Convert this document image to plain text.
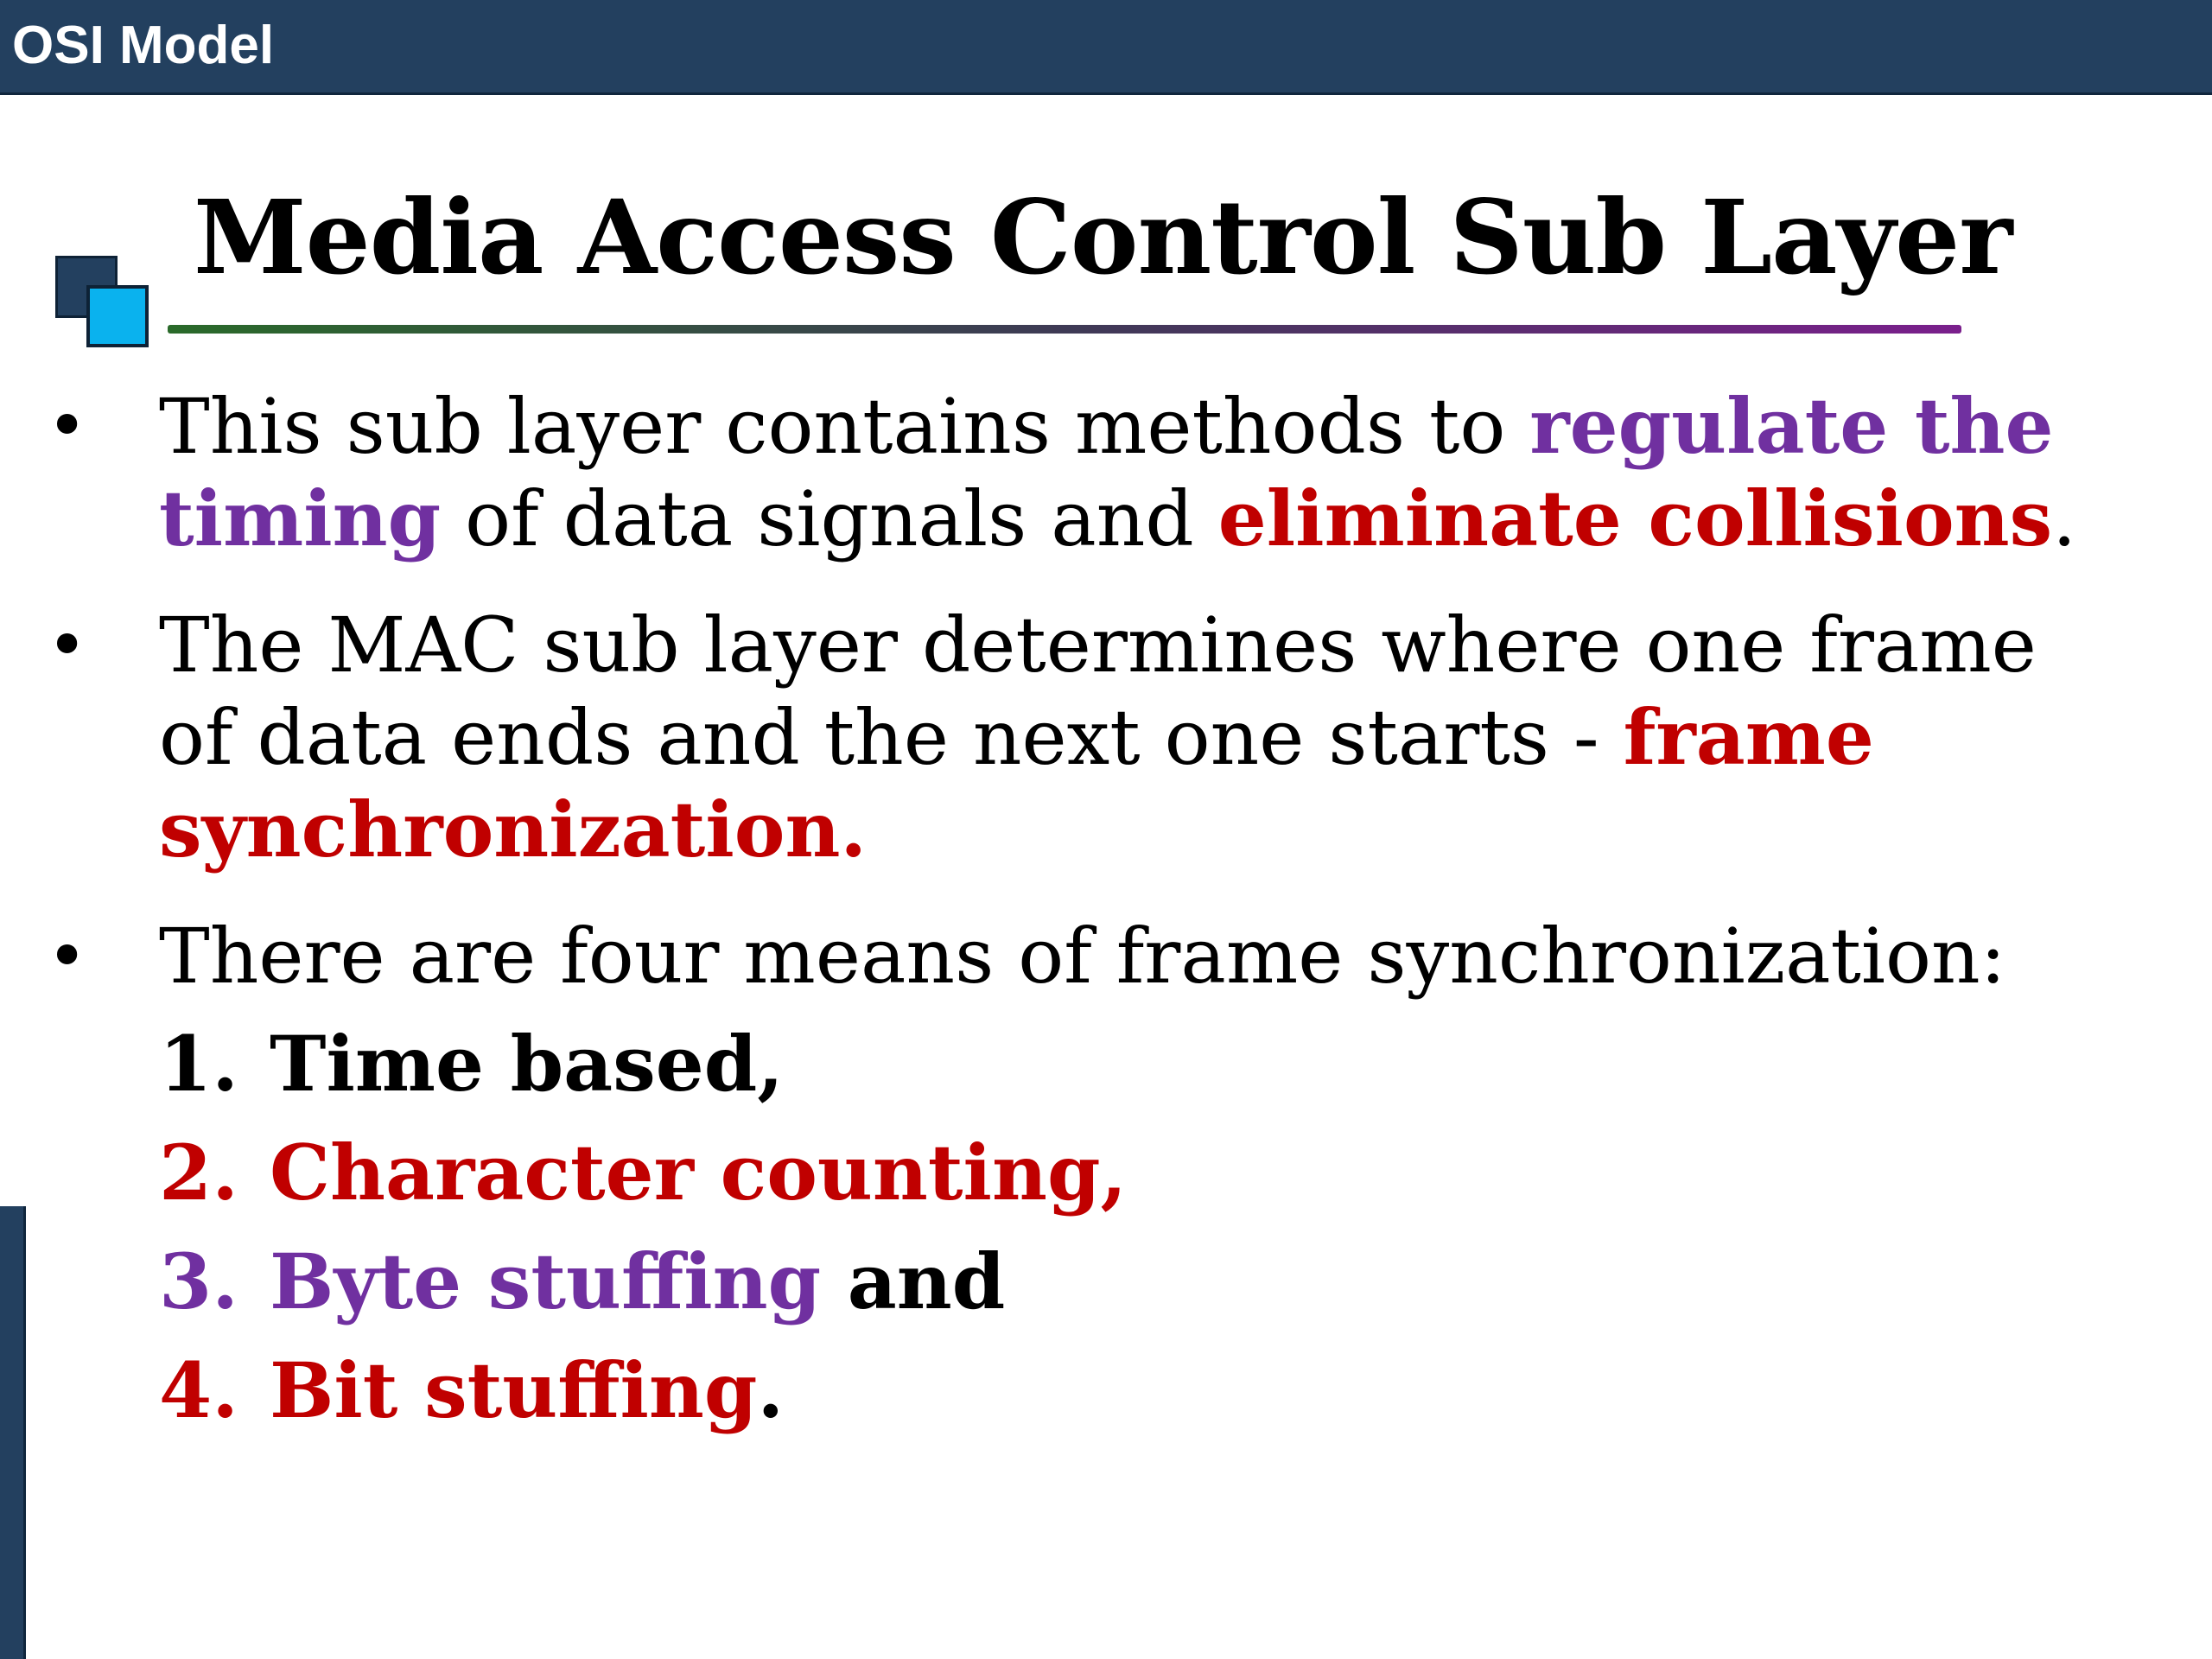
OSI Model
Media Access Control Sub Layer
• This sub layer contains methods to regulate the timing of data signals and eliminate collisions.
• The MAC sub layer determines where one frame of data ends and the next one starts - frame synchronization.
• There are four means of frame synchronization:
1. Time based,
2. Character counting,
3. Byte stuffing and
4. Bit stuffing.
